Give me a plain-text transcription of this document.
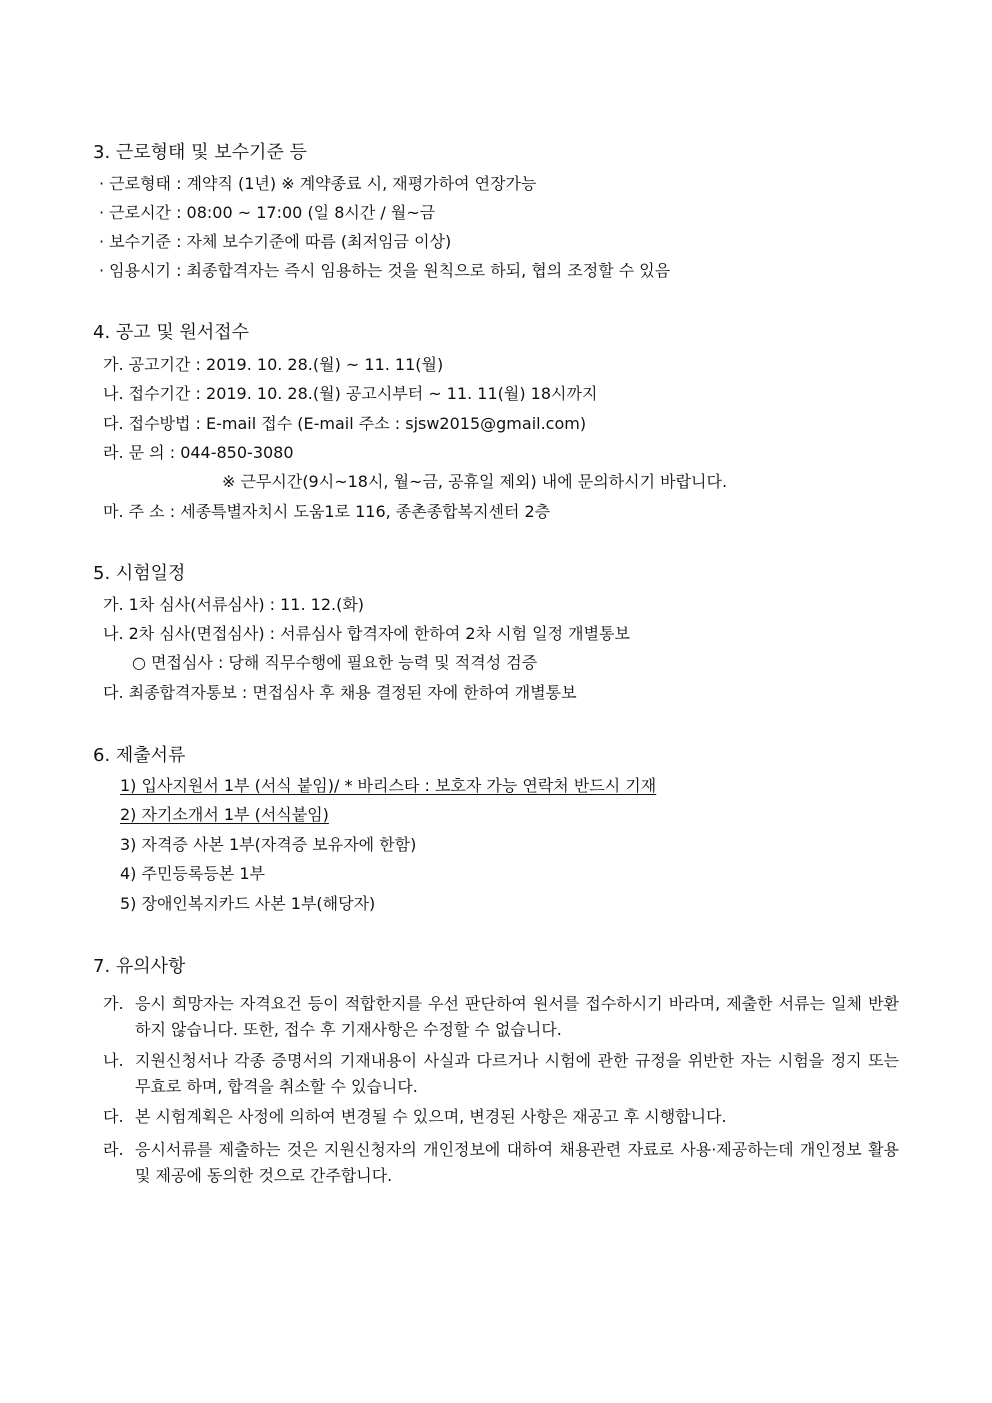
3. 근로형태 및 보수기준 등
· 근로형태 : 계약직 (1년) ※ 계약종료 시, 재평가하여 연장가능
· 근로시간 : 08:00 ~ 17:00 (일 8시간 / 월~금
· 보수기준 : 자체 보수기준에 따름 (최저임금 이상)
· 임용시기 : 최종합격자는 즉시 임용하는 것을 원칙으로 하되, 협의 조정할 수 있음
4. 공고 및 원서접수
가. 공고기간 : 2019. 10. 28.(월) ~ 11. 11(월)
나. 접수기간 : 2019. 10. 28.(월) 공고시부터 ~ 11. 11(월) 18시까지
다. 접수방법 : E-mail 접수 (E-mail 주소 : sjsw2015@gmail.com)
라. 문 의 : 044-850-3080
※ 근무시간(9시~18시, 월~금, 공휴일 제외) 내에 문의하시기 바랍니다.
마. 주 소 : 세종특별자치시 도움1로 116, 종촌종합복지센터 2층
5. 시험일정
가. 1차 심사(서류심사) : 11. 12.(화)
나. 2차 심사(면접심사) : 서류심사 합격자에 한하여 2차 시험 일정 개별통보
○ 면접심사 : 당해 직무수행에 필요한 능력 및 적격성 검증
다. 최종합격자통보 : 면접심사 후 채용 결정된 자에 한하여 개별통보
6. 제출서류
1) 입사지원서 1부 (서식 붙임)/ * 바리스타 : 보호자 가능 연락처 반드시 기재
2) 자기소개서 1부 (서식붙임)
3) 자격증 사본 1부(자격증 보유자에 한함)
4) 주민등록등본 1부
5) 장애인복지카드 사본 1부(해당자)
7. 유의사항
가. 응시 희망자는 자격요건 등이 적합한지를 우선 판단하여 원서를 접수하시기 바라며, 제출한 서류는 일체 반환하지 않습니다. 또한, 접수 후 기재사항은 수정할 수 없습니다.
나. 지원신청서나 각종 증명서의 기재내용이 사실과 다르거나 시험에 관한 규정을 위반한 자는 시험을 정지 또는 무효로 하며, 합격을 취소할 수 있습니다.
다. 본 시험계획은 사정에 의하여 변경될 수 있으며, 변경된 사항은 재공고 후 시행합니다.
라. 응시서류를 제출하는 것은 지원신청자의 개인정보에 대하여 채용관련 자료로 사용·제공하는데 개인정보 활용 및 제공에 동의한 것으로 간주합니다.
